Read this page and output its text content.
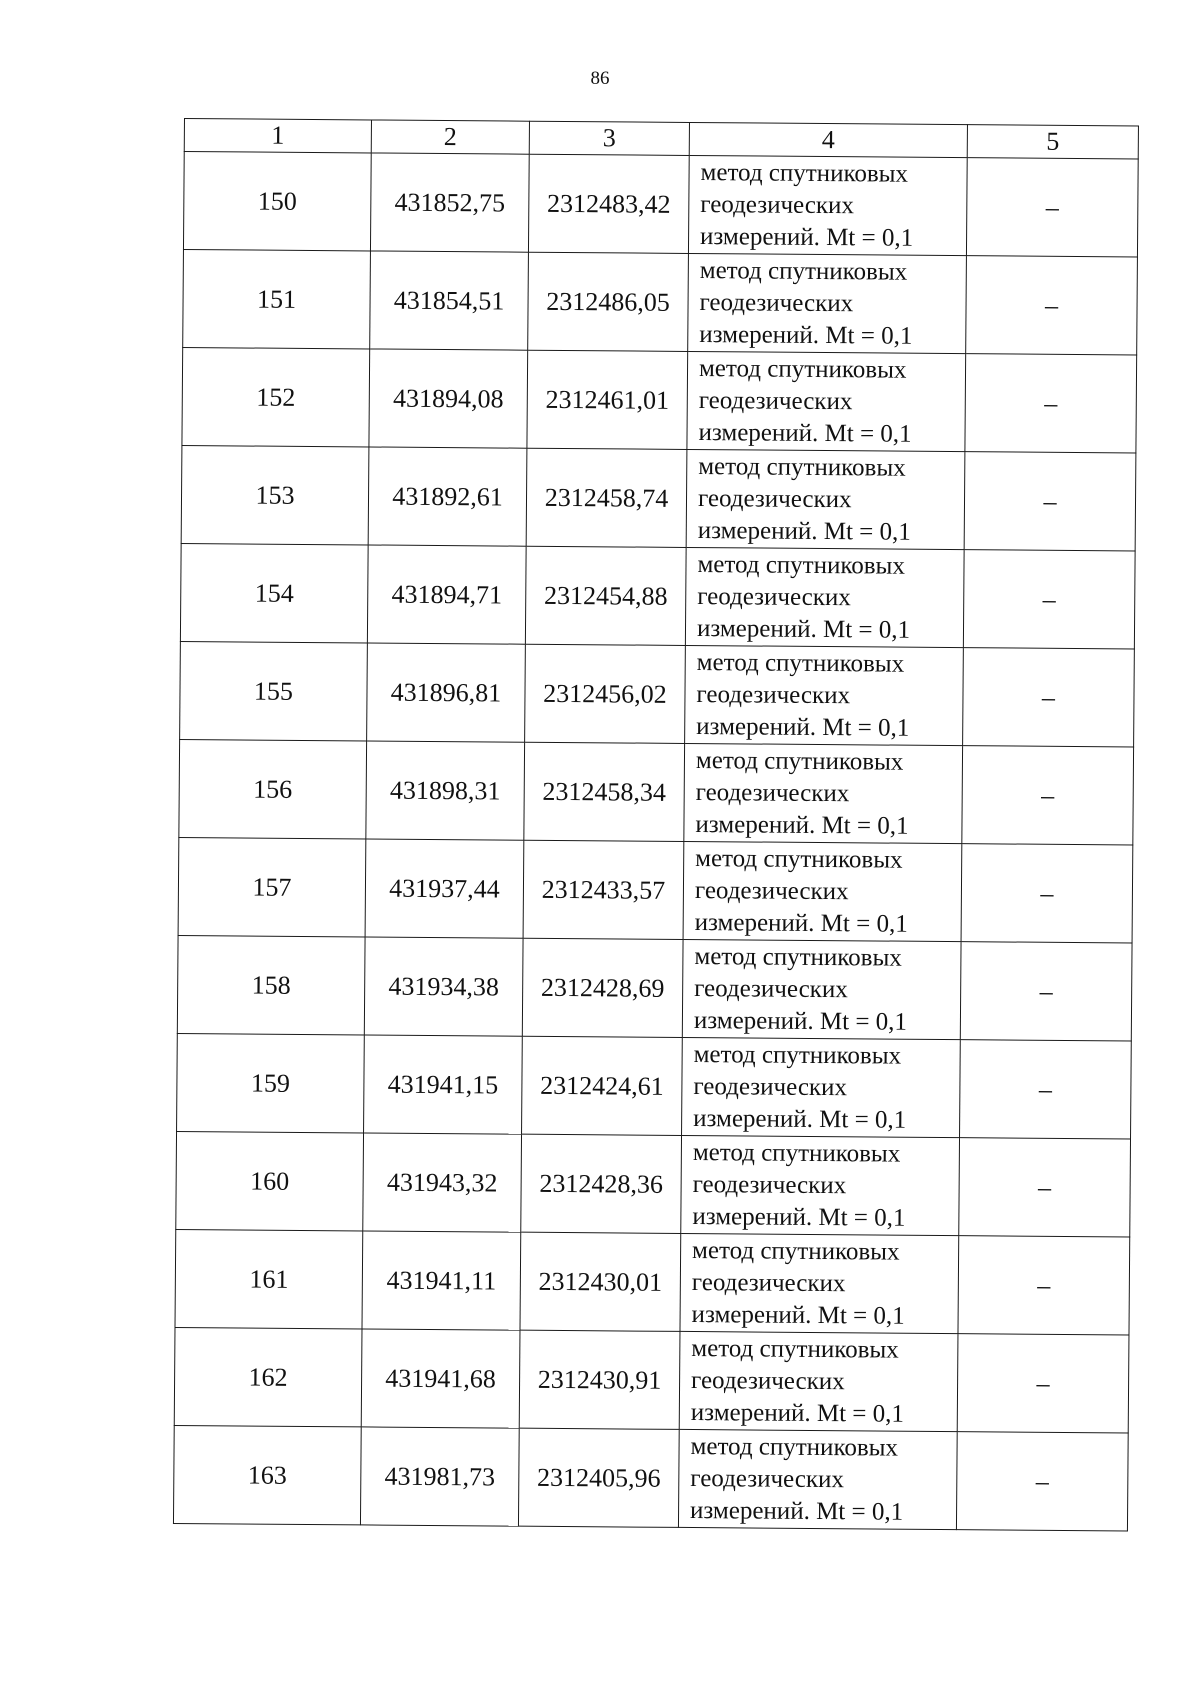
86
1	2	3	4	5
150	431852,75	2312483,42	метод спутниковых
геодезических
измерений. Mt = 0,1	–
151	431854,51	2312486,05	метод спутниковых
геодезических
измерений. Mt = 0,1	–
152	431894,08	2312461,01	метод спутниковых
геодезических
измерений. Mt = 0,1	–
153	431892,61	2312458,74	метод спутниковых
геодезических
измерений. Mt = 0,1	–
154	431894,71	2312454,88	метод спутниковых
геодезических
измерений. Mt = 0,1	–
155	431896,81	2312456,02	метод спутниковых
геодезических
измерений. Mt = 0,1	–
156	431898,31	2312458,34	метод спутниковых
геодезических
измерений. Mt = 0,1	–
157	431937,44	2312433,57	метод спутниковых
геодезических
измерений. Mt = 0,1	–
158	431934,38	2312428,69	метод спутниковых
геодезических
измерений. Mt = 0,1	–
159	431941,15	2312424,61	метод спутниковых
геодезических
измерений. Mt = 0,1	–
160	431943,32	2312428,36	метод спутниковых
геодезических
измерений. Mt = 0,1	–
161	431941,11	2312430,01	метод спутниковых
геодезических
измерений. Mt = 0,1	–
162	431941,68	2312430,91	метод спутниковых
геодезических
измерений. Mt = 0,1	–
163	431981,73	2312405,96	метод спутниковых
геодезических
измерений. Mt = 0,1	–
